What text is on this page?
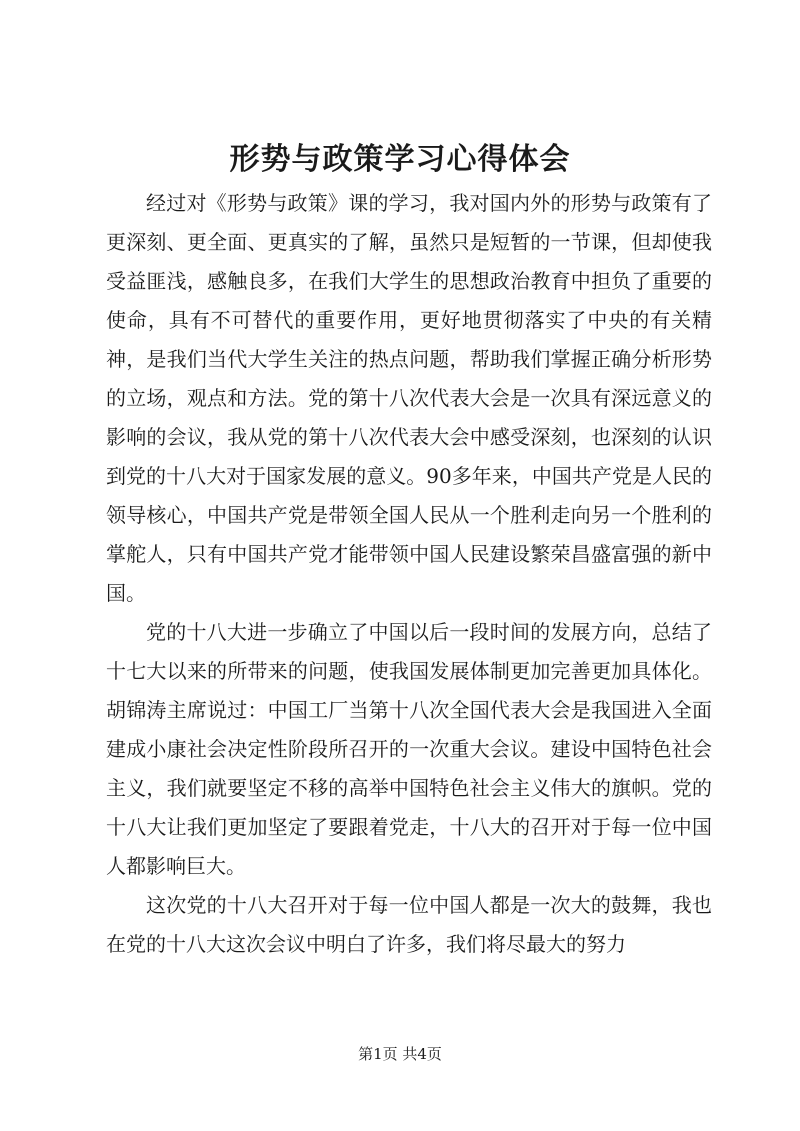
形势与政策学习心得体会

经过对《形势与政策》课的学习，我对国内外的形势与政策有了更深刻、更全面、更真实的了解，虽然只是短暂的一节课，但却使我受益匪浅，感触良多，在我们大学生的思想政治教育中担负了重要的使命，具有不可替代的重要作用，更好地贯彻落实了中央的有关精神，是我们当代大学生关注的热点问题，帮助我们掌握正确分析形势的立场，观点和方法。党的第十八次代表大会是一次具有深远意义的影响的会议，我从党的第十八次代表大会中感受深刻，也深刻的认识到党的十八大对于国家发展的意义。90多年来，中国共产党是人民的领导核心，中国共产党是带领全国人民从一个胜利走向另一个胜利的掌舵人，只有中国共产党才能带领中国人民建设繁荣昌盛富强的新中国。

党的十八大进一步确立了中国以后一段时间的发展方向，总结了十七大以来的所带来的问题，使我国发展体制更加完善更加具体化。胡锦涛主席说过：中国工厂当第十八次全国代表大会是我国进入全面建成小康社会决定性阶段所召开的一次重大会议。建设中国特色社会主义，我们就要坚定不移的高举中国特色社会主义伟大的旗帜。党的十八大让我们更加坚定了要跟着党走，十八大的召开对于每一位中国人都影响巨大。

这次党的十八大召开对于每一位中国人都是一次大的鼓舞，我也在党的十八大这次会议中明白了许多，我们将尽最大的努力

第1页 共4页
